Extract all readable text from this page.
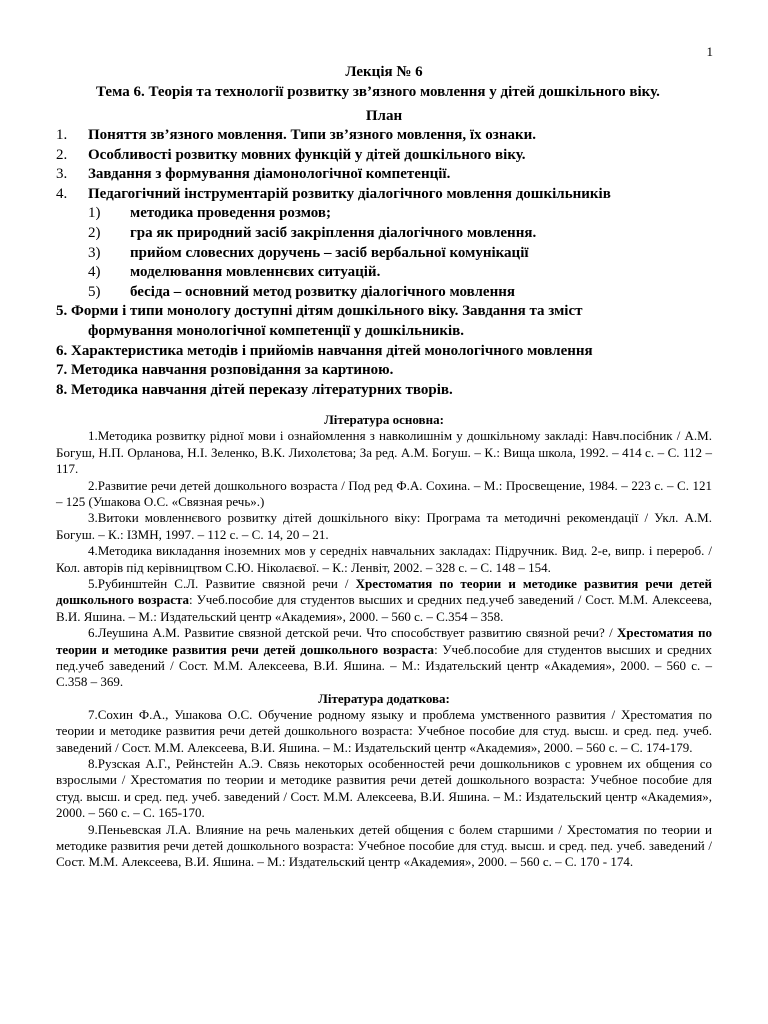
1
Лекція № 6
Тема 6. Теорія та технології розвитку зв’язного мовлення у дітей дошкільного віку.
План
1.	Поняття зв’язного мовлення. Типи зв’язного мовлення, їх ознаки.
2.	Особливості розвитку мовних функцій у дітей дошкільного віку.
3.	Завдання з формування діамонологічної компетенції.
4.	Педагогічний інструментарій розвитку діалогічного мовлення дошкільників
1)	методика проведення розмов;
2)	гра як природний засіб закріплення діалогічного мовлення.
3)	прийом словесних доручень – засіб вербальної комунікації
4)	моделювання мовленнєвих ситуацій.
5)	бесіда – основний метод розвитку діалогічного мовлення
5. Форми і типи монологу доступні дітям дошкільного віку. Завдання та зміст
формування монологічної компетенції у дошкільників.
6. Характеристика методів і прийомів навчання дітей монологічного мовлення
7. Методика навчання розповідання за картиною.
8. Методика навчання дітей переказу літературних творів.
Література основна:

1.Методика розвитку рідної мови і ознайомлення з навколишнім у дошкільному закладі: Навч.посібник / А.М. Богуш, Н.П. Орланова, Н.І. Зеленко, В.К. Лихолєтова; За ред. А.М. Богуш. – К.: Вища школа, 1992. – 414 с. – С. 112 – 117.

2.Развитие речи детей дошкольного возраста / Под ред Ф.А. Сохина. – М.: Просвещение, 1984. – 223 с. – С. 121 – 125 (Ушакова О.С. «Связная речь».)

3.Витоки мовленнєвого розвитку дітей дошкільного віку: Програма та методичні рекомендації / Укл. А.М. Богуш. – К.: ІЗМН, 1997. – 112 с. – С. 14, 20 – 21.

4.Методика викладання іноземних мов у середніх навчальних закладах: Підручник. Вид. 2-е, випр. і перероб. / Кол. авторів під керівництвом С.Ю. Ніколаєвої. – К.: Ленвіт, 2002. – 328 с. – С. 148 – 154.

5.Рубинштейн С.Л. Развитие связной речи / Хрестоматия по теории и методике развития речи детей дошкольного возраста: Учеб.пособие для студентов высших и средних пед.учеб заведений / Сост. М.М. Алексеева, В.И. Яшина. – М.: Издательский центр «Академия», 2000. – 560 с. – С.354 – 358.

6.Леушина А.М. Развитие связной детской речи. Что способствует развитию связной речи? / Хрестоматия по теории и методике развития речи детей дошкольного возраста: Учеб.пособие для студентов высших и средних пед.учеб заведений / Сост. М.М. Алексеева, В.И. Яшина. – М.: Издательский центр «Академия», 2000. – 560 с. – С.358 – 369.

Література додаткова:

7.Сохин Ф.А., Ушакова О.С. Обучение родному языку и проблема умственного развития / Хрестоматия по теории и методике развития речи детей дошкольного возраста: Учебное пособие для студ. высш. и сред. пед. учеб. заведений / Сост. М.М. Алексеева, В.И. Яшина. – М.: Издательский центр «Академия», 2000. – 560 с. – С. 174-179.

8.Рузская А.Г., Рейнстейн А.Э. Связь некоторых особенностей речи дошкольников с уровнем их общения со взрослыми / Хрестоматия по теории и методике развития речи детей дошкольного возраста: Учебное пособие для студ. высш. и сред. пед. учеб. заведений / Сост. М.М. Алексеева, В.И. Яшина. – М.: Издательский центр «Академия», 2000. – 560 с. – С. 165-170.

9.Пеньевская Л.А. Влияние на речь маленьких детей общения с болем старшими / Хрестоматия по теории и методике развития речи детей дошкольного возраста: Учебное пособие для студ. высш. и сред. пед. учеб. заведений / Сост. М.М. Алексеева, В.И. Яшина. – М.: Издательский центр «Академия», 2000. – 560 с. – С. 170 - 174.
